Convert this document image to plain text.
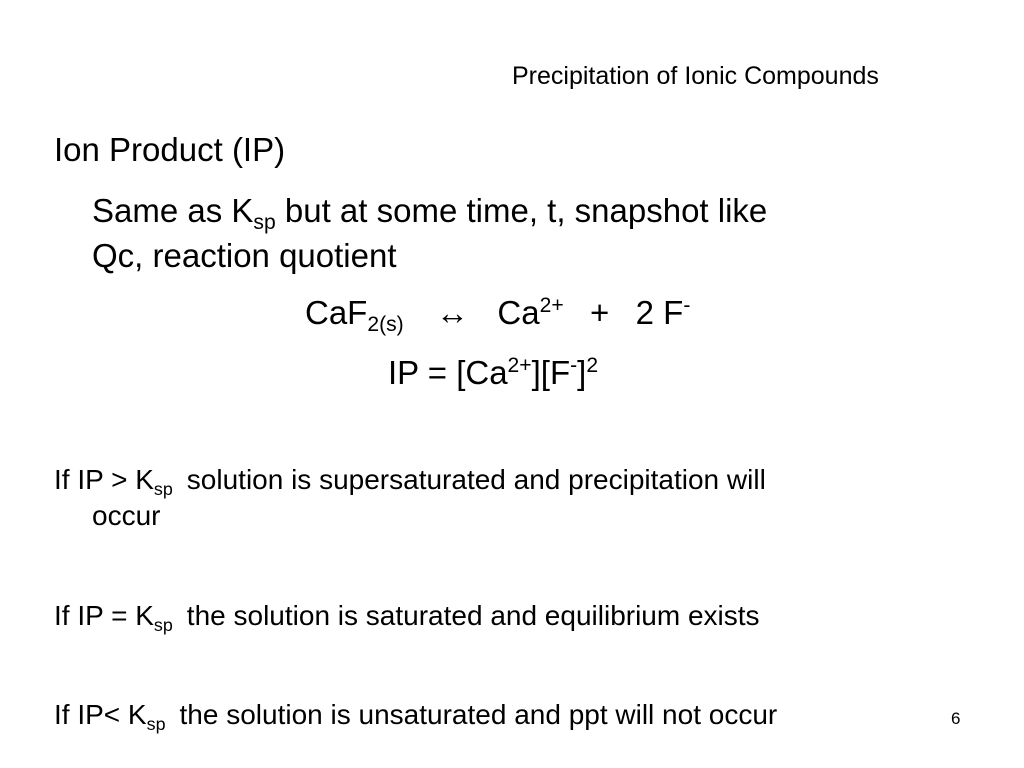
Precipitation of Ionic Compounds
Ion Product (IP)
Same as $K_{sp}$ but at some time, t, snapshot like
Qc, reaction quotient
CaF$_{2(s)}$ ↔ $Ca^{2+} + 2$ F-
IP = $[Ca^{2+}][F^-]^2$
If IP > $K_{sp}$ solution is supersaturated and precipitation will
occur
If IP = $K_{sp}$ the solution is saturated and equilibrium exists
If $IP< K_{sp}$ the solution is unsaturated and ppt will not occur	6
